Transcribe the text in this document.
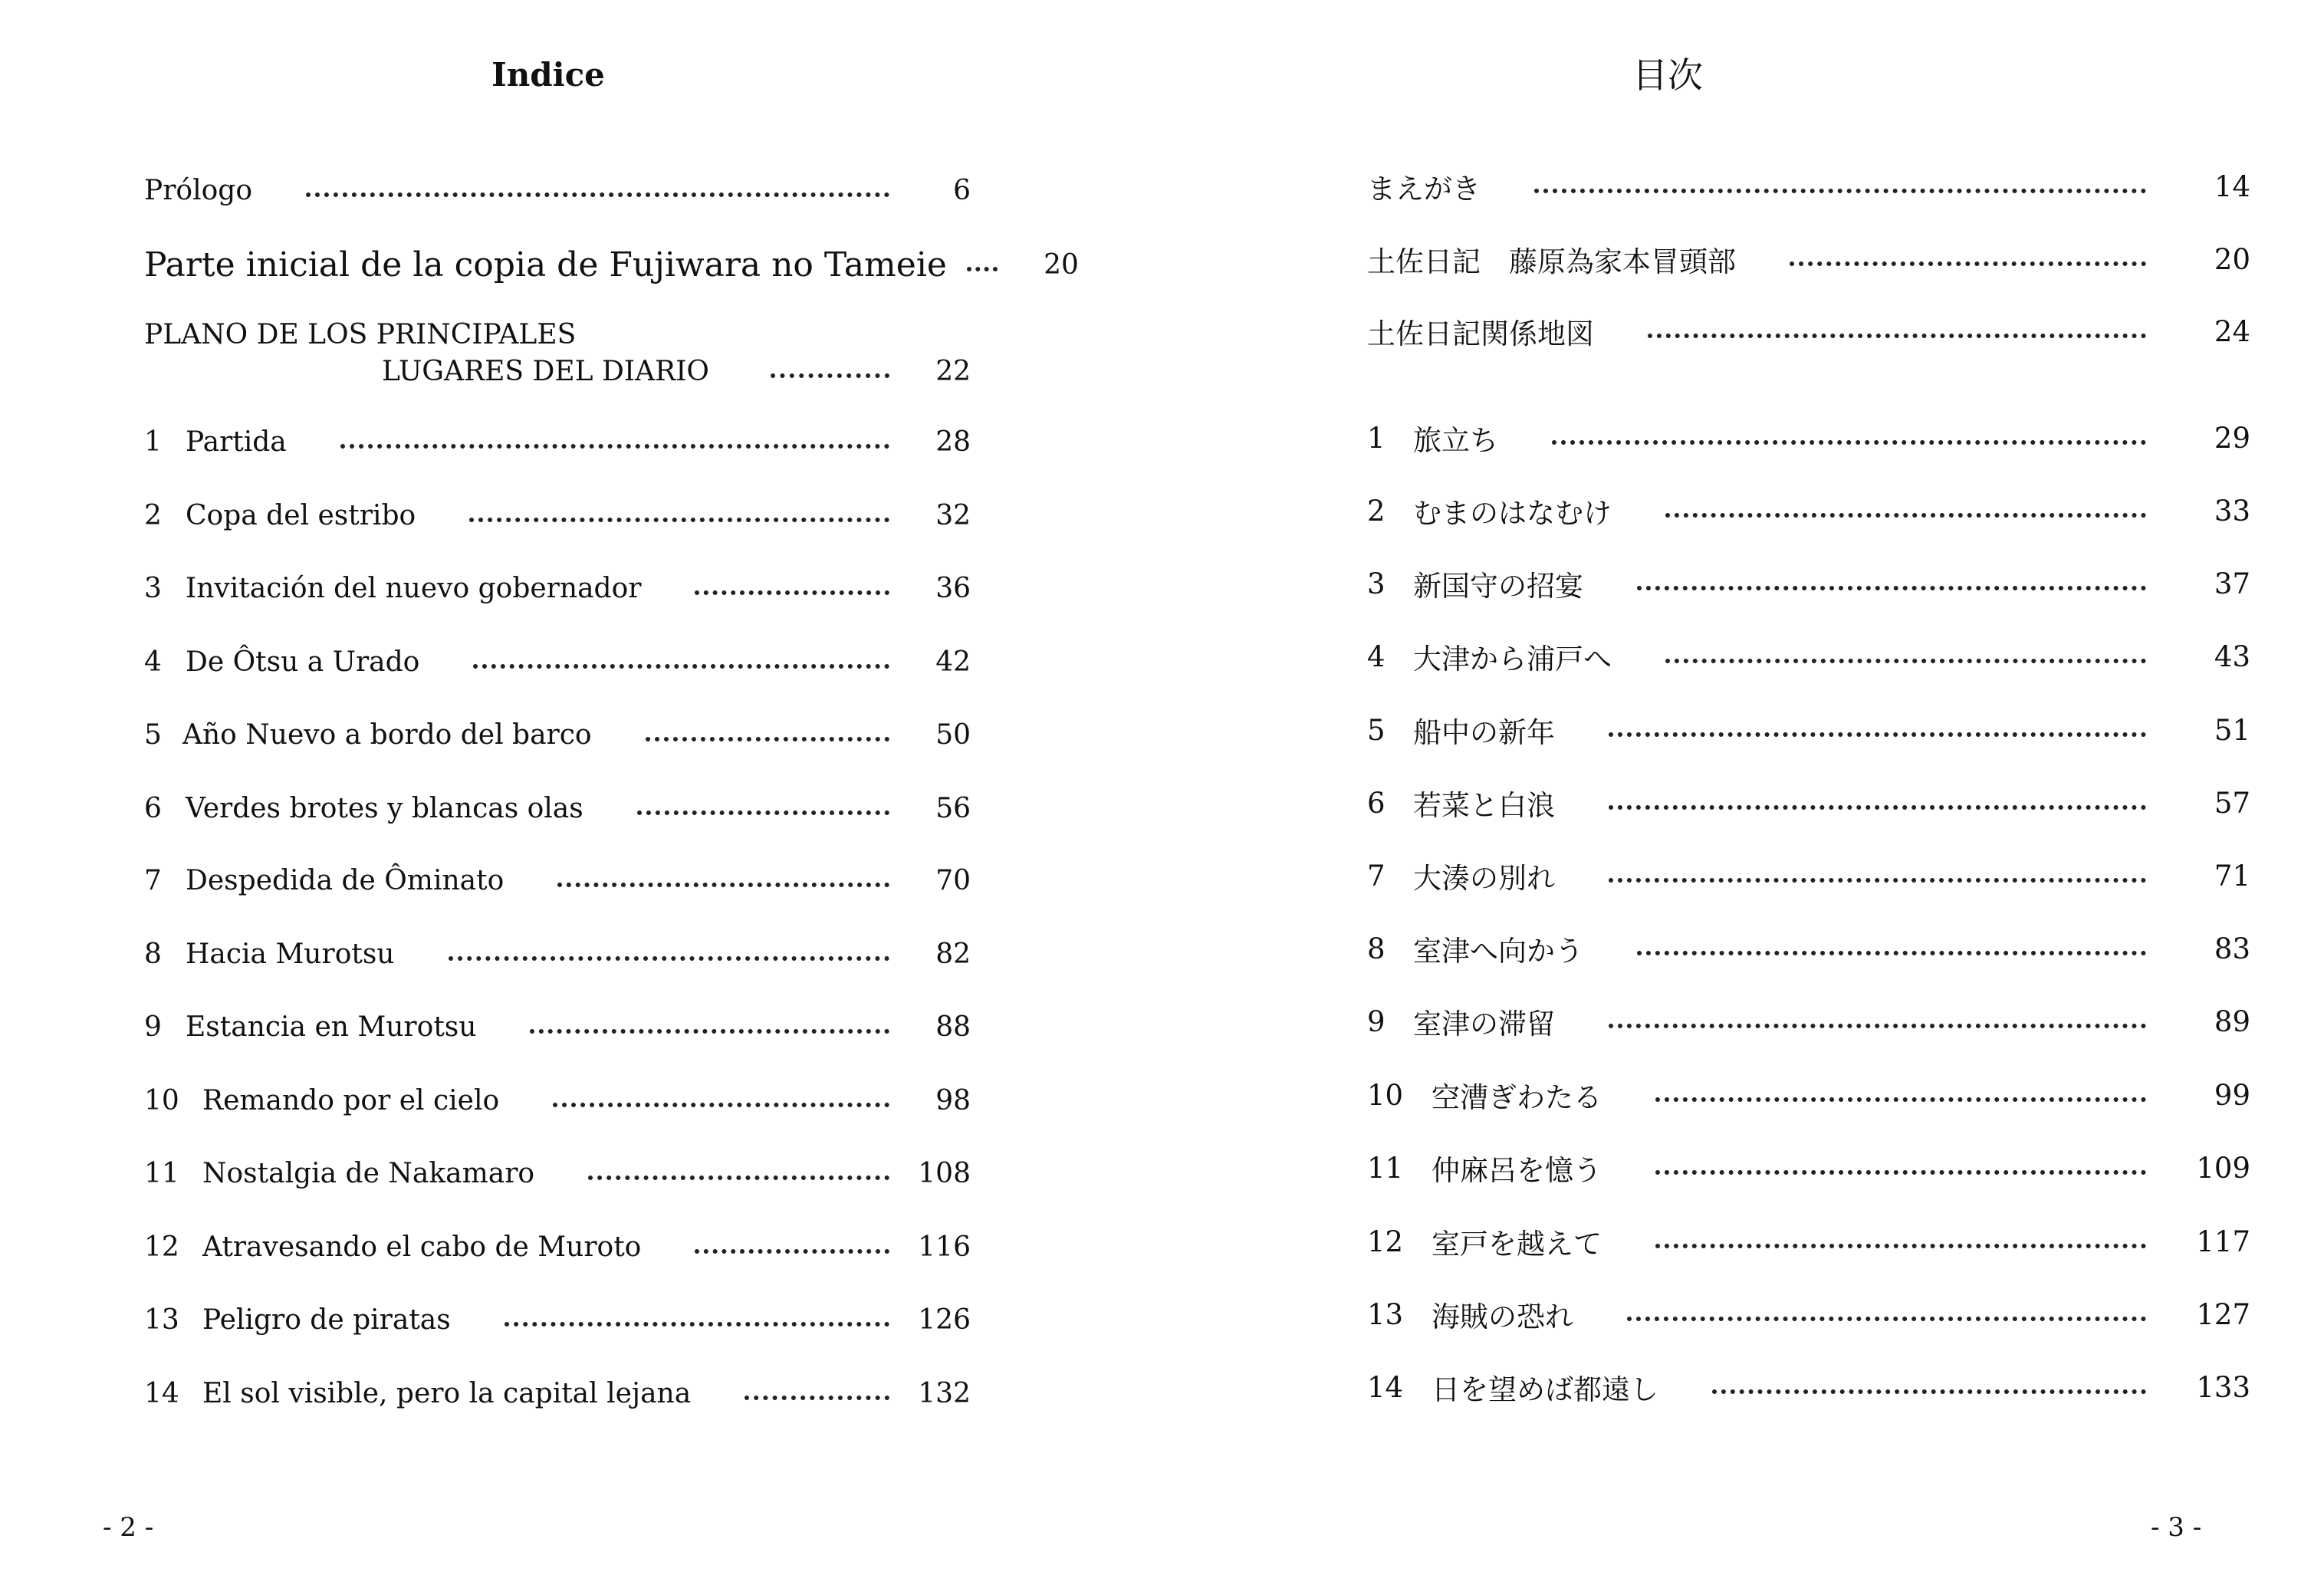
Indice
Prólogo	6
Parte inicial de la copia de Fujiwara no Tameie	20
PLANO DE LOS PRINCIPALES
LUGARES DEL DIARIO	22
1 Partida	28
2 Copa del estribo	32
3 Invitación del nuevo gobernador	36
4 De Ôtsu a Urado	42
5 Año Nuevo a bordo del barco	50
6 Verdes brotes y blancas olas	56
7 Despedida de Ôminato	70
8 Hacia Murotsu	82
9 Estancia en Murotsu	88
10 Remando por el cielo	98
11 Nostalgia de Nakamaro	108
12 Atravesando el cabo de Muroto	116
13 Peligro de piratas	126
14 El sol visible, pero la capital lejana	132
- 2 -
目次
まえがき	14
土佐日記　藤原為家本冒頭部	20
土佐日記関係地図	24
1 旅立ち	29
2 むまのはなむけ	33
3 新国守の招宴	37
4 大津から浦戸へ	43
5 船中の新年	51
6 若菜と白浪	57
7 大湊の別れ	71
8 室津へ向かう	83
9 室津の滞留	89
10 空漕ぎわたる	99
11 仲麻呂を憶う	109
12 室戸を越えて	117
13 海賊の恐れ	127
14 日を望めば都遠し	133
- 3 -
